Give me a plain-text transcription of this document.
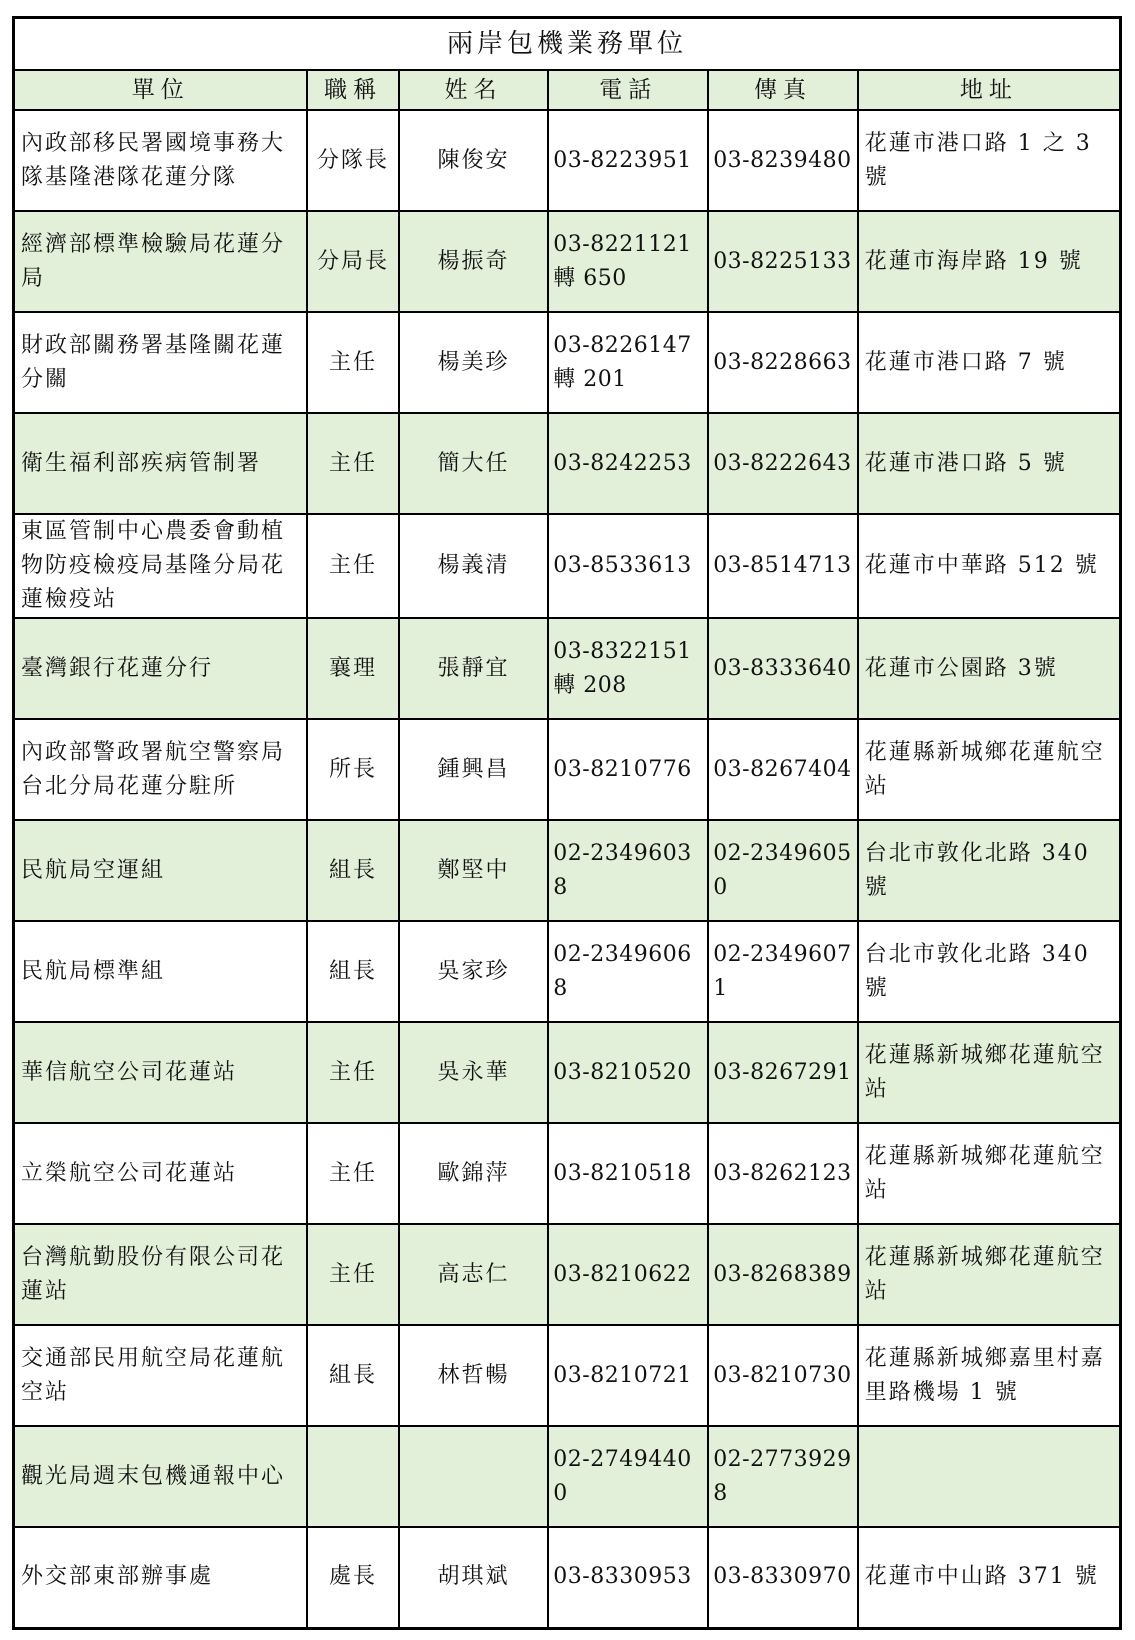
兩岸包機業務單位					
單位	職稱	姓名	電話	傳真	地址
內政部移民署國境事務大隊基隆港隊花蓮分隊	分隊長	陳俊安	03-8223951	03-8239480	花蓮市港口路 1 之 3 號
經濟部標準檢驗局花蓮分局	分局長	楊振奇	03-8221121 轉 650	03-8225133	花蓮市海岸路 19 號
財政部關務署基隆關花蓮分關	主任	楊美珍	03-8226147 轉 201	03-8228663	花蓮市港口路 7 號
衛生福利部疾病管制署	主任	簡大任	03-8242253	03-8222643	花蓮市港口路 5 號
東區管制中心農委會動植物防疫檢疫局基隆分局花蓮檢疫站	主任	楊義清	03-8533613	03-8514713	花蓮市中華路 512 號
臺灣銀行花蓮分行	襄理	張靜宜	03-8322151 轉 208	03-8333640	花蓮市公園路 3號
內政部警政署航空警察局台北分局花蓮分駐所	所長	鍾興昌	03-8210776	03-8267404	花蓮縣新城鄉花蓮航空站
民航局空運組	組長	鄭堅中	02-23496038	02-23496050	台北市敦化北路 340 號
民航局標準組	組長	吳家珍	02-23496068	02-23496071	台北市敦化北路 340 號
華信航空公司花蓮站	主任	吳永華	03-8210520	03-8267291	花蓮縣新城鄉花蓮航空站
立榮航空公司花蓮站	主任	歐錦萍	03-8210518	03-8262123	花蓮縣新城鄉花蓮航空站
台灣航勤股份有限公司花蓮站	主任	高志仁	03-8210622	03-8268389	花蓮縣新城鄉花蓮航空站
交通部民用航空局花蓮航空站	組長	林哲暢	03-8210721	03-8210730	花蓮縣新城鄉嘉里村嘉里路機場 1 號
觀光局週末包機通報中心			02-27494400	02-27739298	
外交部東部辦事處	處長	胡琪斌	03-8330953	03-8330970	花蓮市中山路 371 號
